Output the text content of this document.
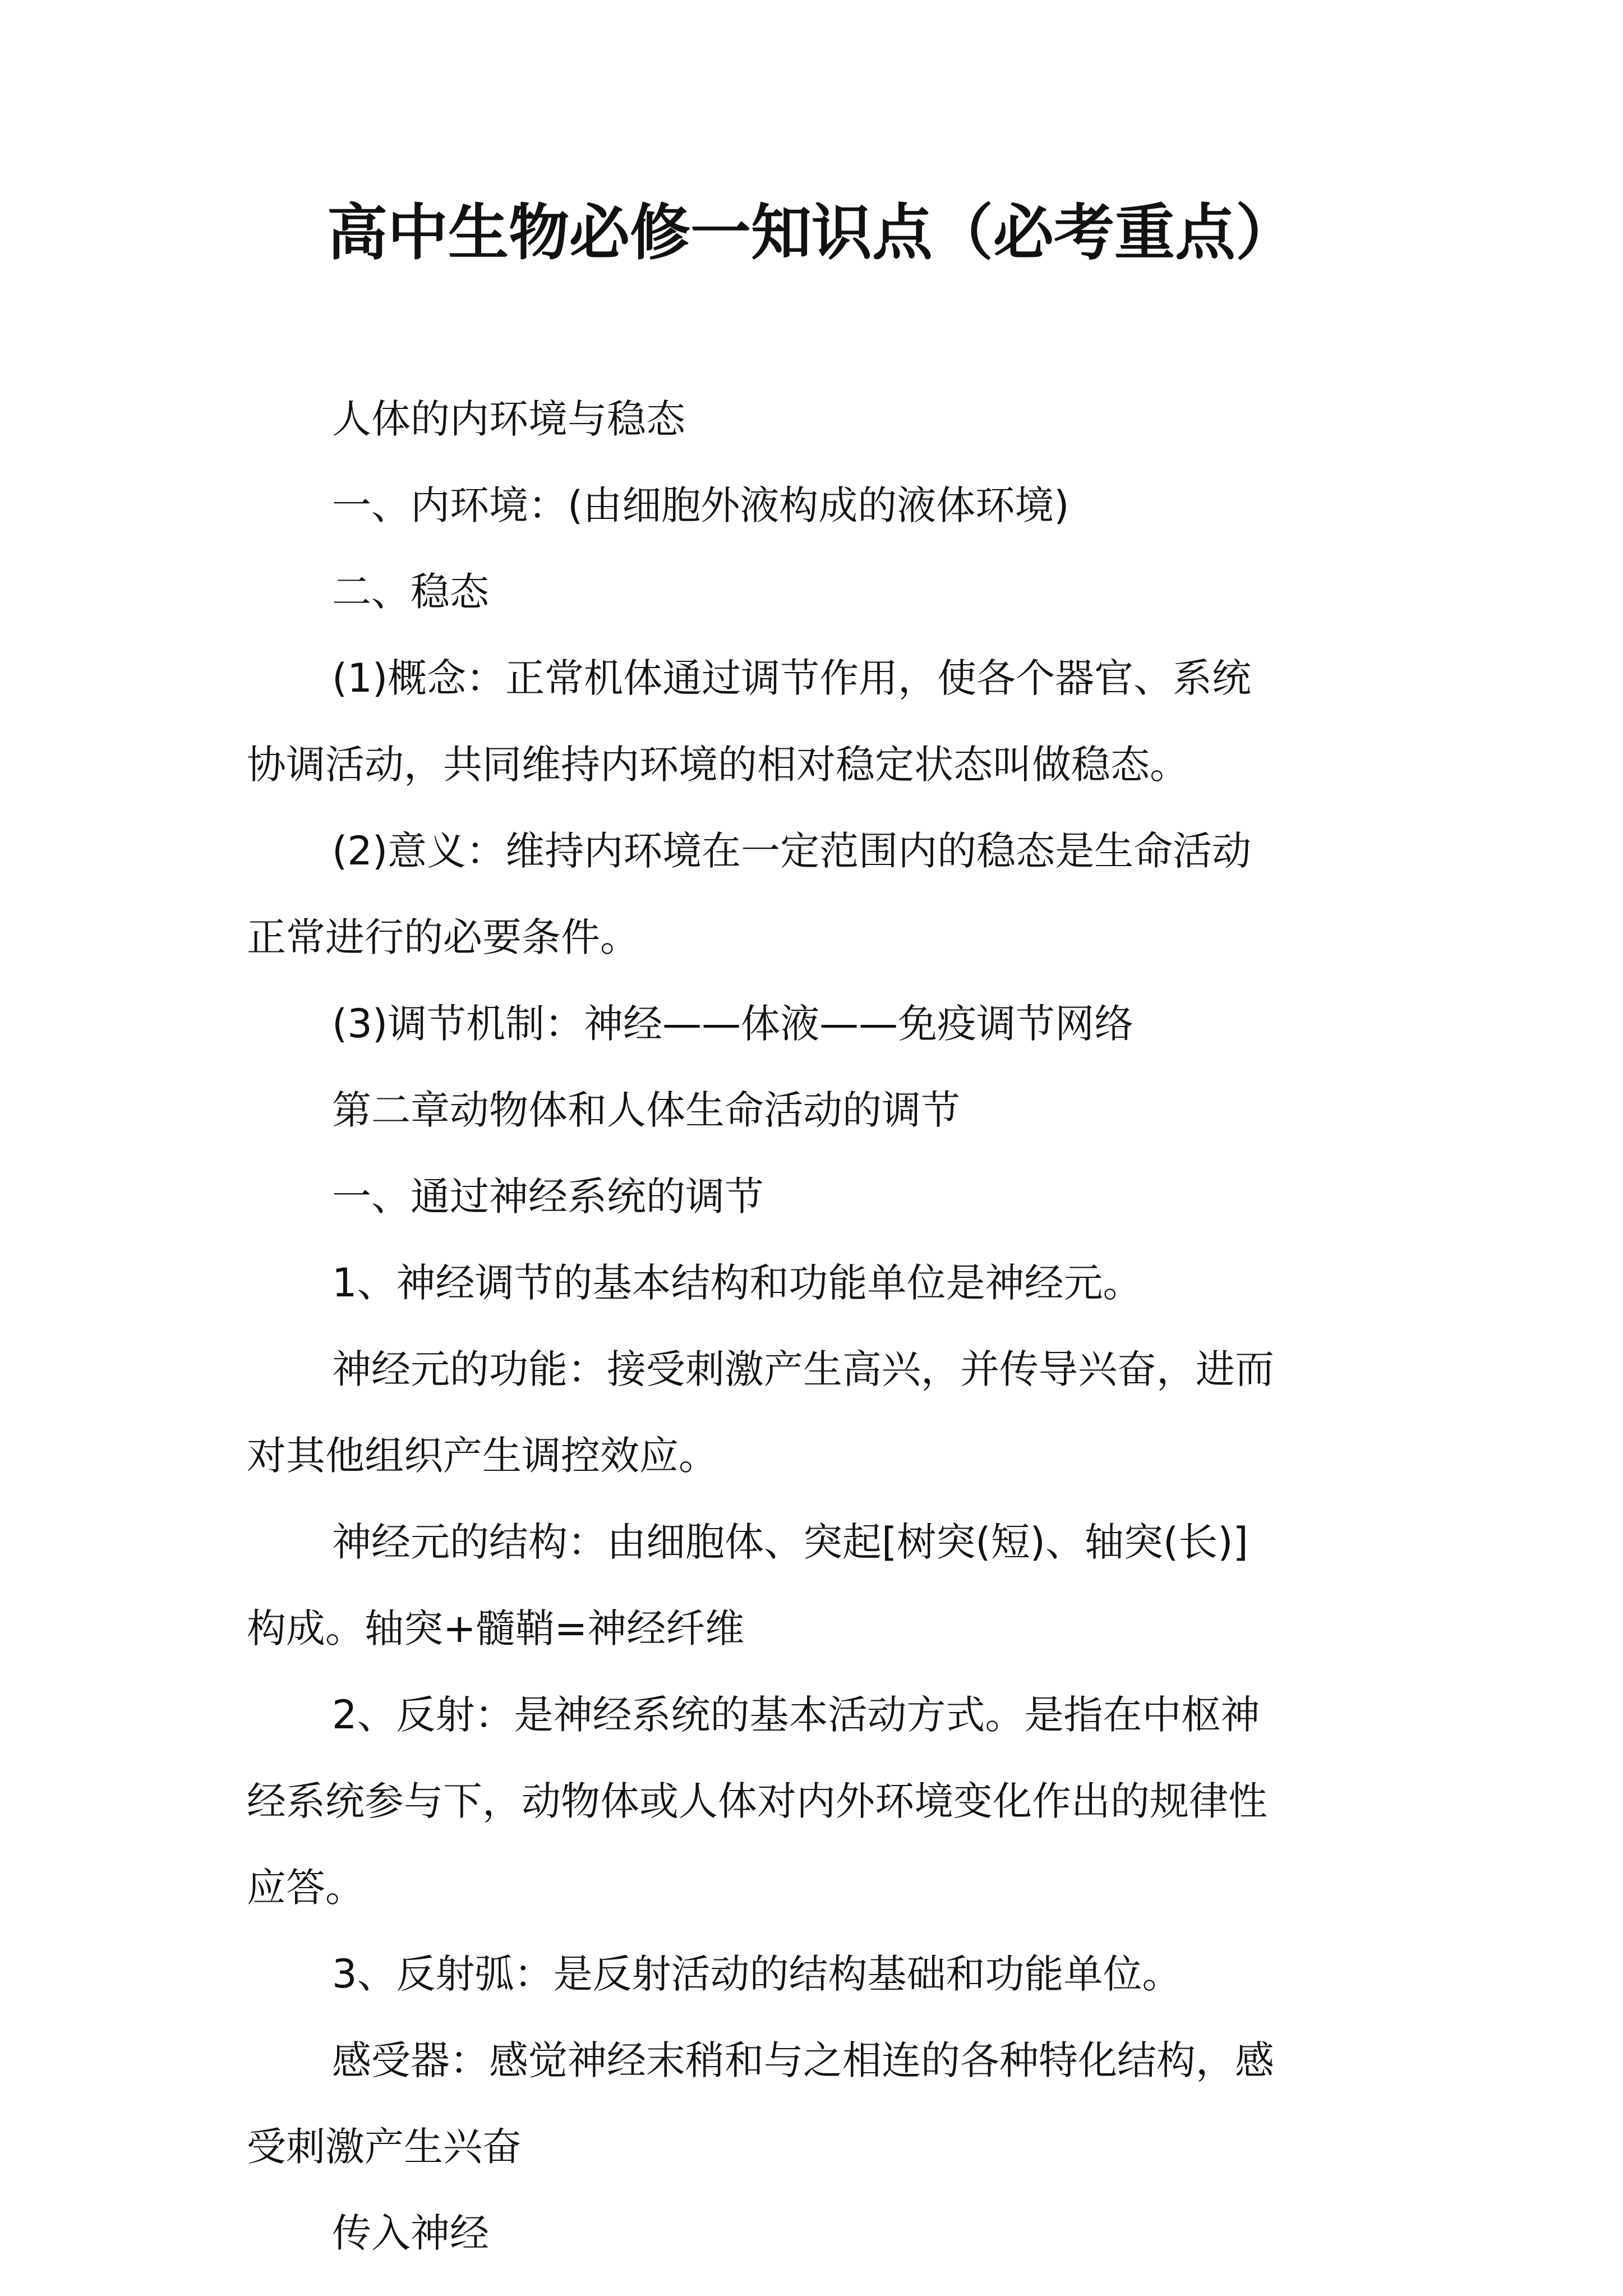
高中生物必修一知识点（必考重点）

人体的内环境与稳态

一、内环境：(由细胞外液构成的液体环境)

二、稳态

(1)概念：正常机体通过调节作用，使各个器官、系统
协调活动，共同维持内环境的相对稳定状态叫做稳态。

(2)意义：维持内环境在一定范围内的稳态是生命活动
正常进行的必要条件。

(3)调节机制：神经——体液——免疫调节网络

第二章动物体和人体生命活动的调节

一、通过神经系统的调节

1、神经调节的基本结构和功能单位是神经元。

神经元的功能：接受刺激产生高兴，并传导兴奋，进而
对其他组织产生调控效应。

神经元的结构：由细胞体、突起[树突(短)、轴突(长)]
构成。轴突+髓鞘=神经纤维

2、反射：是神经系统的基本活动方式。是指在中枢神
经系统参与下，动物体或人体对内外环境变化作出的规律性
应答。

3、反射弧：是反射活动的结构基础和功能单位。

感受器：感觉神经末稍和与之相连的各种特化结构，感
受刺激产生兴奋

传入神经
